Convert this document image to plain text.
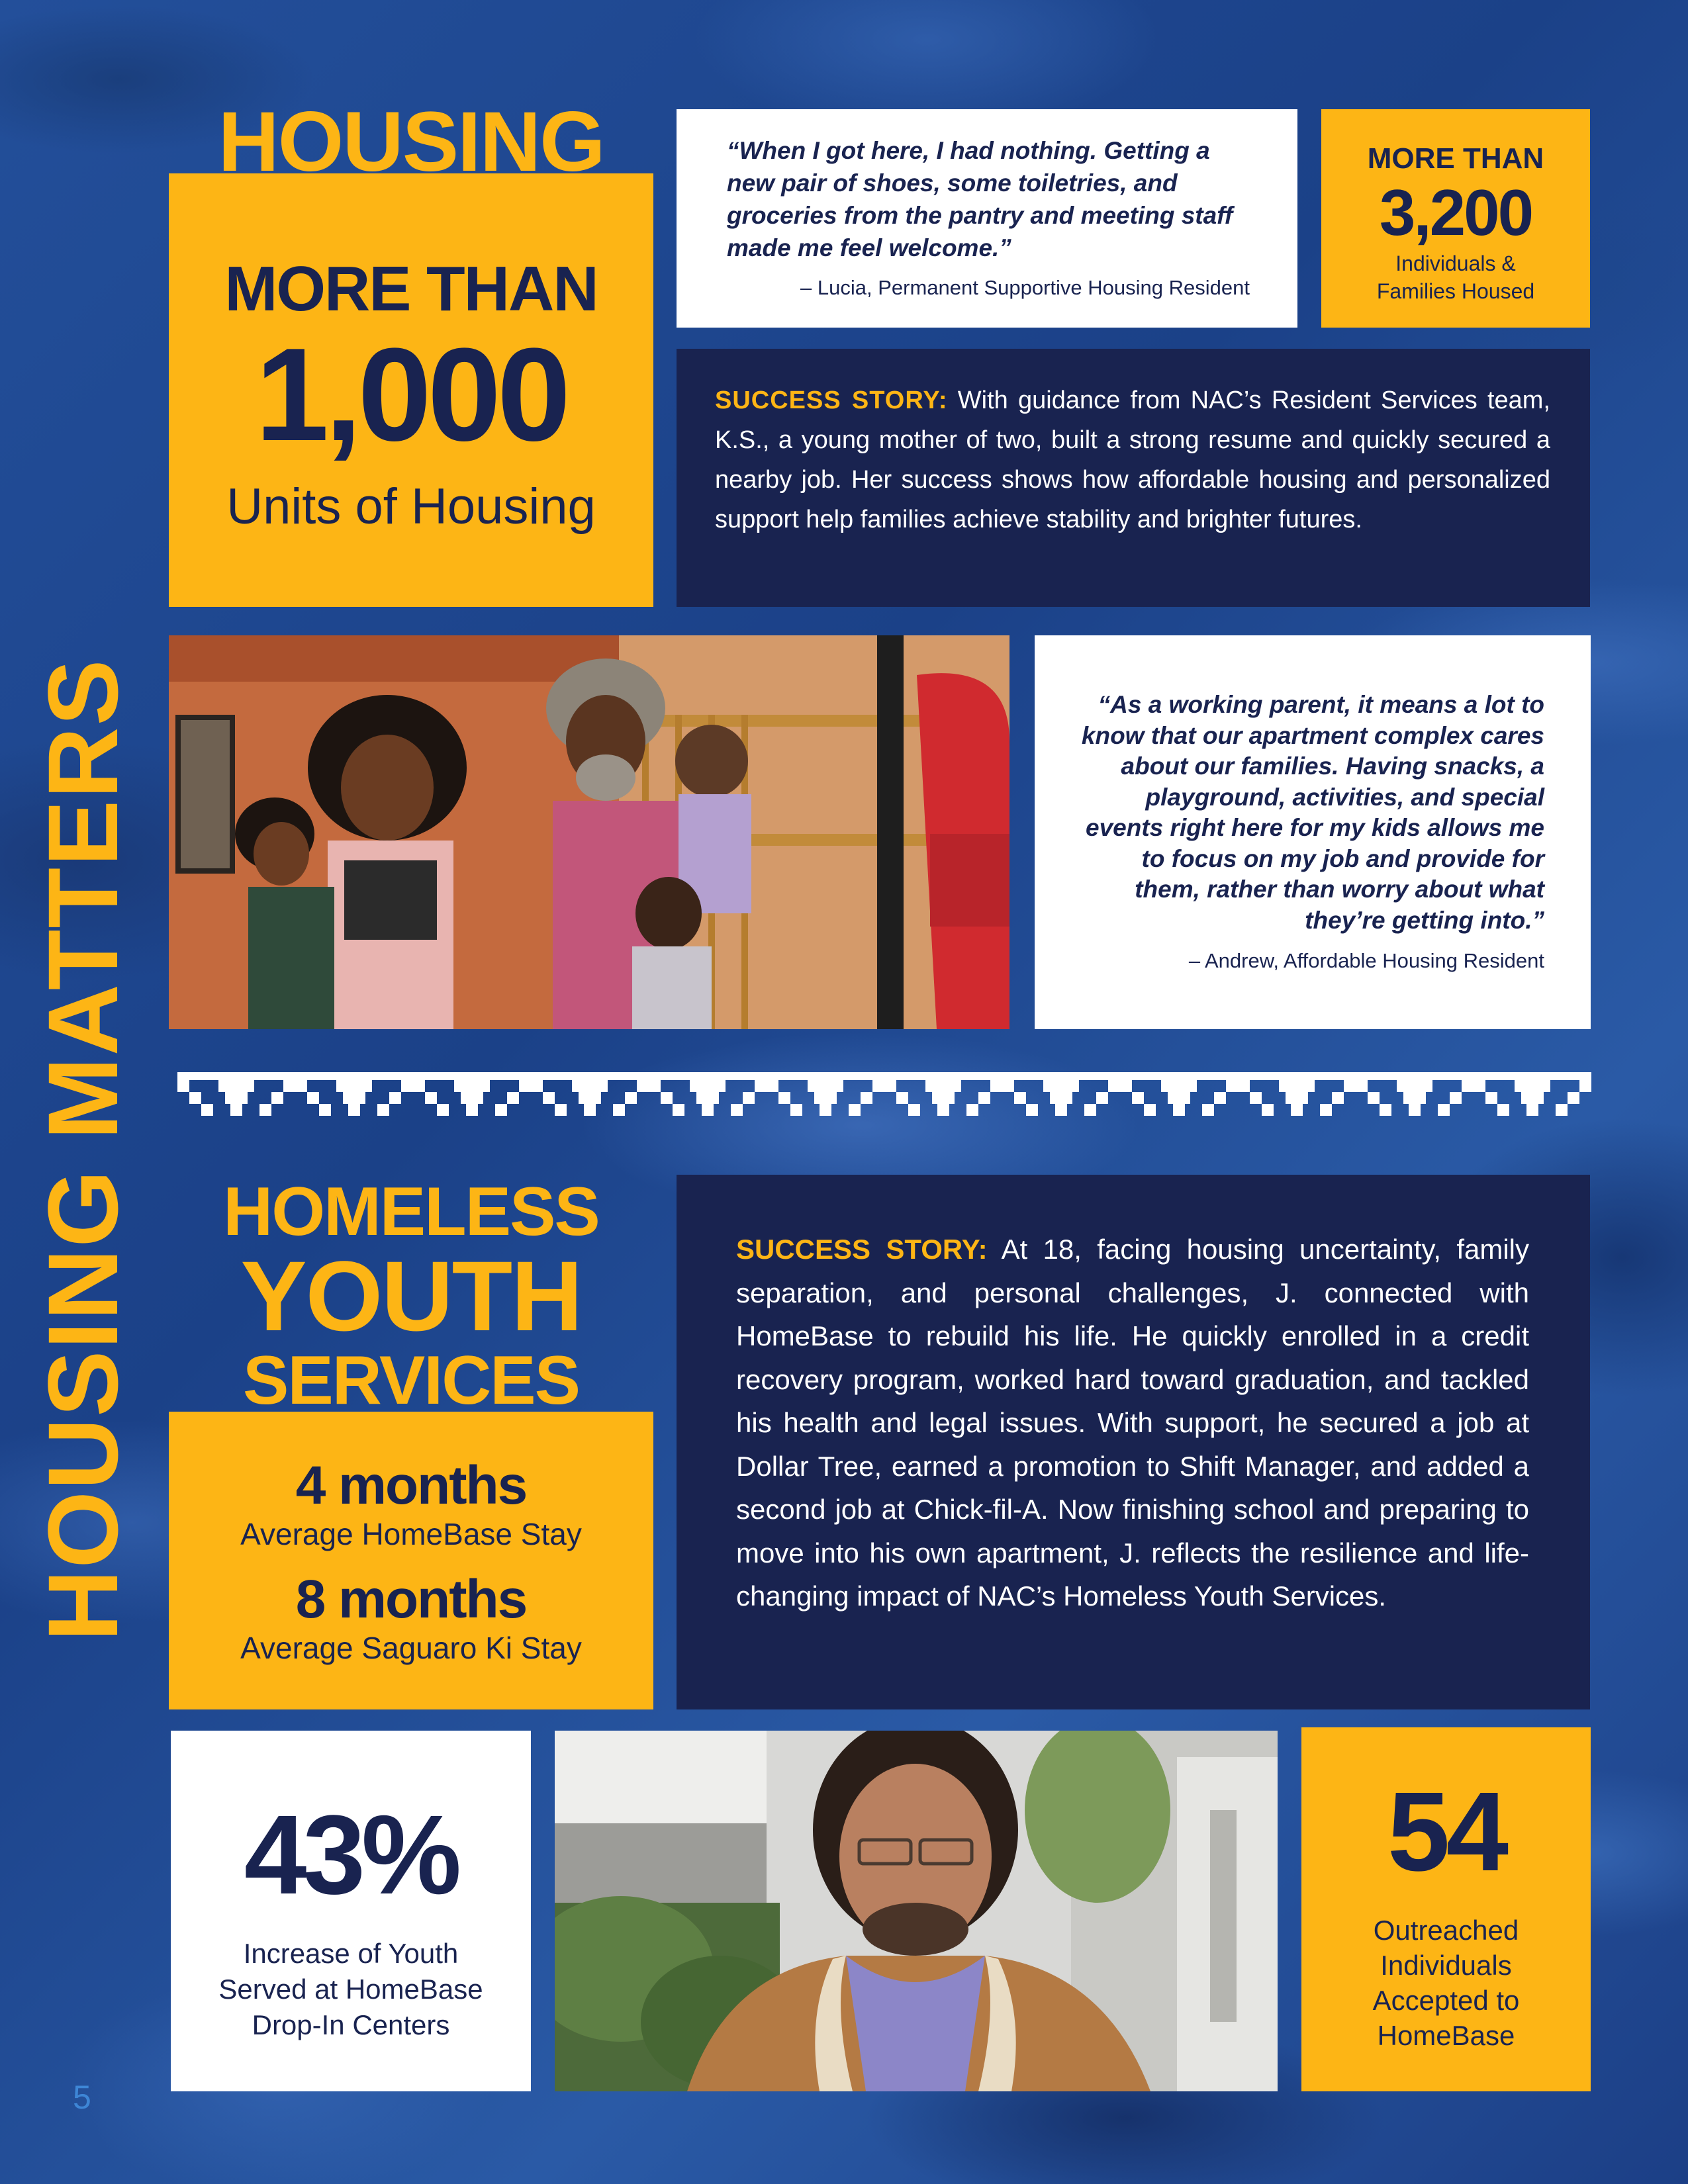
HOUSING MATTERS
MORE THAN
1,000
Units of Housing
HOUSING	“When I got here, I had nothing. Getting a new pair of shoes, some toiletries, and groceries from the pantry and meeting staff made me feel welcome.”
– Lucia, Permanent Supportive Housing Resident
MORE THAN
3,200
Individuals & Families Housed
SUCCESS STORY: With guidance from NAC’s Resident Services team, K.S., a young mother of two, built a strong resume and quickly secured a nearby job. Her success shows how affordable housing and personalized support help families achieve stability and brighter futures.
“As a working parent, it means a lot to know that our apartment complex cares about our families. Having snacks, a playground, activities, and special events right here for my kids allows me to focus on my job and provide for them, rather than worry about what they’re getting into.”
– Andrew, Affordable Housing Resident
HOMELESS
YOUTH
4 months
Average HomeBase Stay
8 months
Average Saguaro Ki Stay
SERVICES
SUCCESS STORY: At 18, facing housing uncertainty, family separation, and personal challenges, J. connected with HomeBase to rebuild his life. He quickly enrolled in a credit recovery program, worked hard toward graduation, and tackled his health and legal issues. With support, he secured a job at Dollar Tree, earned a promotion to Shift Manager, and added a second job at Chick-fil-A. Now finishing school and preparing to move into his own apartment, J. reflects the resilience and life-changing impact of NAC’s Homeless Youth Services.
43%
Increase of Youth Served at HomeBase Drop-In Centers
54
Outreached Individuals Accepted to HomeBase
5
